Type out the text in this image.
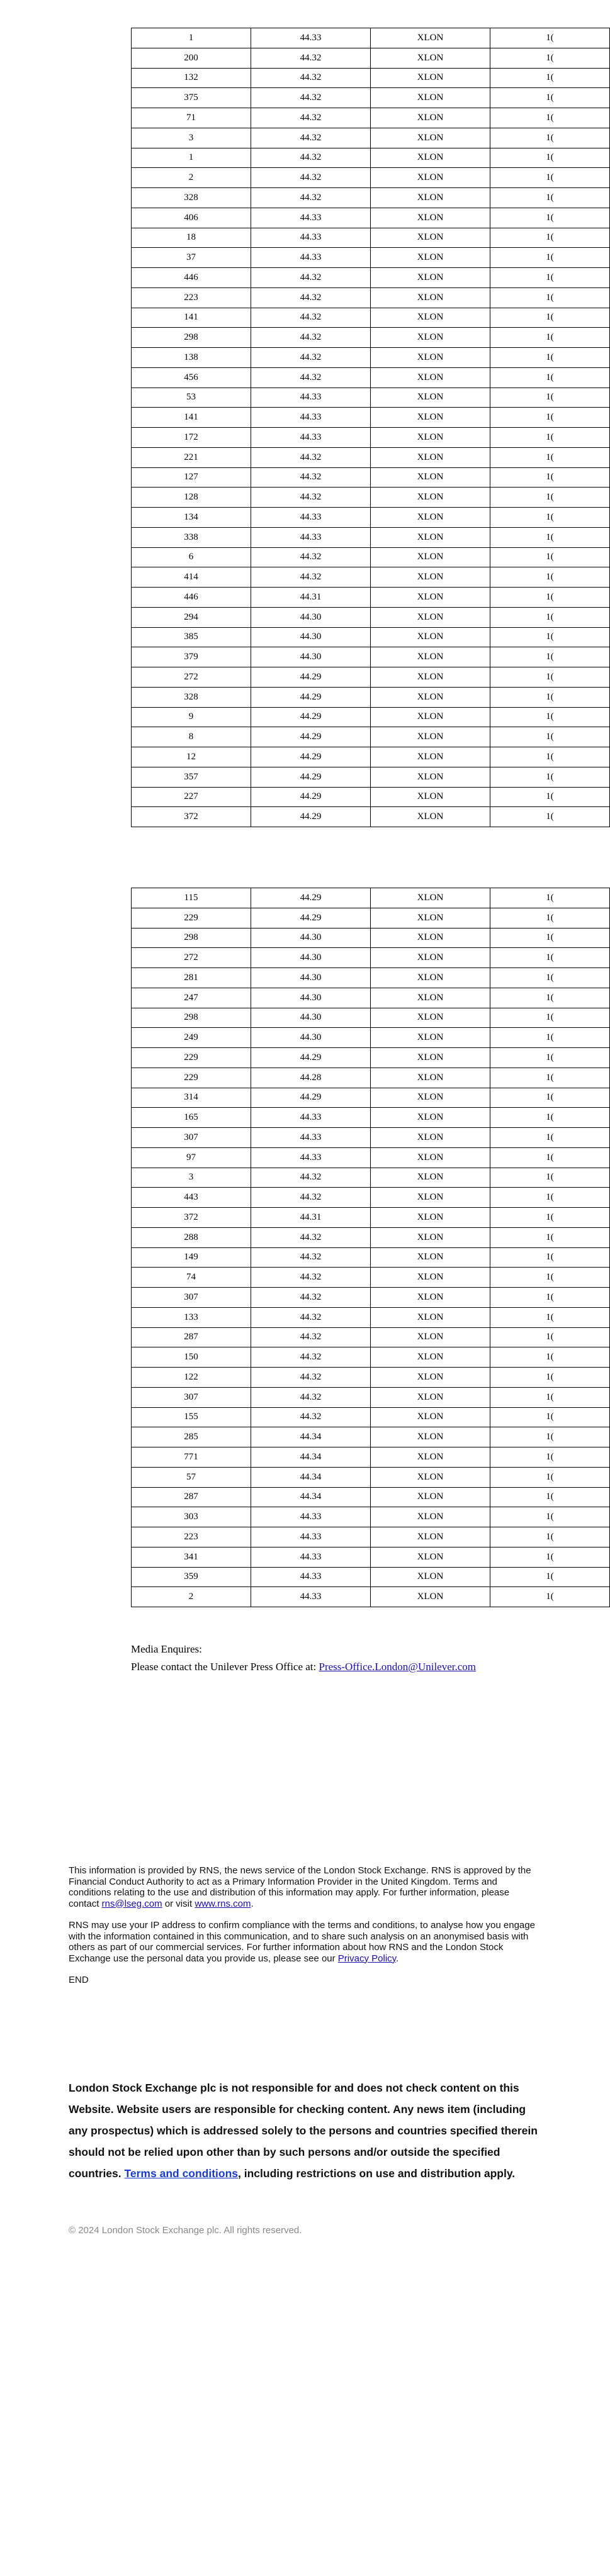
1	44.33	XLON	1(
200	44.32	XLON	1(
132	44.32	XLON	1(
375	44.32	XLON	1(
71	44.32	XLON	1(
3	44.32	XLON	1(
1	44.32	XLON	1(
2	44.32	XLON	1(
328	44.32	XLON	1(
406	44.33	XLON	1(
18	44.33	XLON	1(
37	44.33	XLON	1(
446	44.32	XLON	1(
223	44.32	XLON	1(
141	44.32	XLON	1(
298	44.32	XLON	1(
138	44.32	XLON	1(
456	44.32	XLON	1(
53	44.33	XLON	1(
141	44.33	XLON	1(
172	44.33	XLON	1(
221	44.32	XLON	1(
127	44.32	XLON	1(
128	44.32	XLON	1(
134	44.33	XLON	1(
338	44.33	XLON	1(
6	44.32	XLON	1(
414	44.32	XLON	1(
446	44.31	XLON	1(
294	44.30	XLON	1(
385	44.30	XLON	1(
379	44.30	XLON	1(
272	44.29	XLON	1(
328	44.29	XLON	1(
9	44.29	XLON	1(
8	44.29	XLON	1(
12	44.29	XLON	1(
357	44.29	XLON	1(
227	44.29	XLON	1(
372	44.29	XLON	1(
115	44.29	XLON	1(
229	44.29	XLON	1(
298	44.30	XLON	1(
272	44.30	XLON	1(
281	44.30	XLON	1(
247	44.30	XLON	1(
298	44.30	XLON	1(
249	44.30	XLON	1(
229	44.29	XLON	1(
229	44.28	XLON	1(
314	44.29	XLON	1(
165	44.33	XLON	1(
307	44.33	XLON	1(
97	44.33	XLON	1(
3	44.32	XLON	1(
443	44.32	XLON	1(
372	44.31	XLON	1(
288	44.32	XLON	1(
149	44.32	XLON	1(
74	44.32	XLON	1(
307	44.32	XLON	1(
133	44.32	XLON	1(
287	44.32	XLON	1(
150	44.32	XLON	1(
122	44.32	XLON	1(
307	44.32	XLON	1(
155	44.32	XLON	1(
285	44.34	XLON	1(
771	44.34	XLON	1(
57	44.34	XLON	1(
287	44.34	XLON	1(
303	44.33	XLON	1(
223	44.33	XLON	1(
341	44.33	XLON	1(
359	44.33	XLON	1(
2	44.33	XLON	1(
Media Enquires:
Please contact the Unilever Press Office at: Press-Office.London@Unilever.com

This information is provided by RNS, the news service of the London Stock Exchange. RNS is approved by the Financial Conduct Authority to act as a Primary Information Provider in the United Kingdom. Terms and conditions relating to the use and distribution of this information may apply. For further information, please contact rns@lseg.com or visit www.rns.com.

RNS may use your IP address to confirm compliance with the terms and conditions, to analyse how you engage with the information contained in this communication, and to share such analysis on an anonymised basis with others as part of our commercial services. For further information about how RNS and the London Stock Exchange use the personal data you provide us, please see our Privacy Policy.

END

London Stock Exchange plc is not responsible for and does not check content on this Website. Website users are responsible for checking content. Any news item (including any prospectus) which is addressed solely to the persons and countries specified therein should not be relied upon other than by such persons and/or outside the specified countries. Terms and conditions, including restrictions on use and distribution apply.
© 2024 London Stock Exchange plc. All rights reserved.
